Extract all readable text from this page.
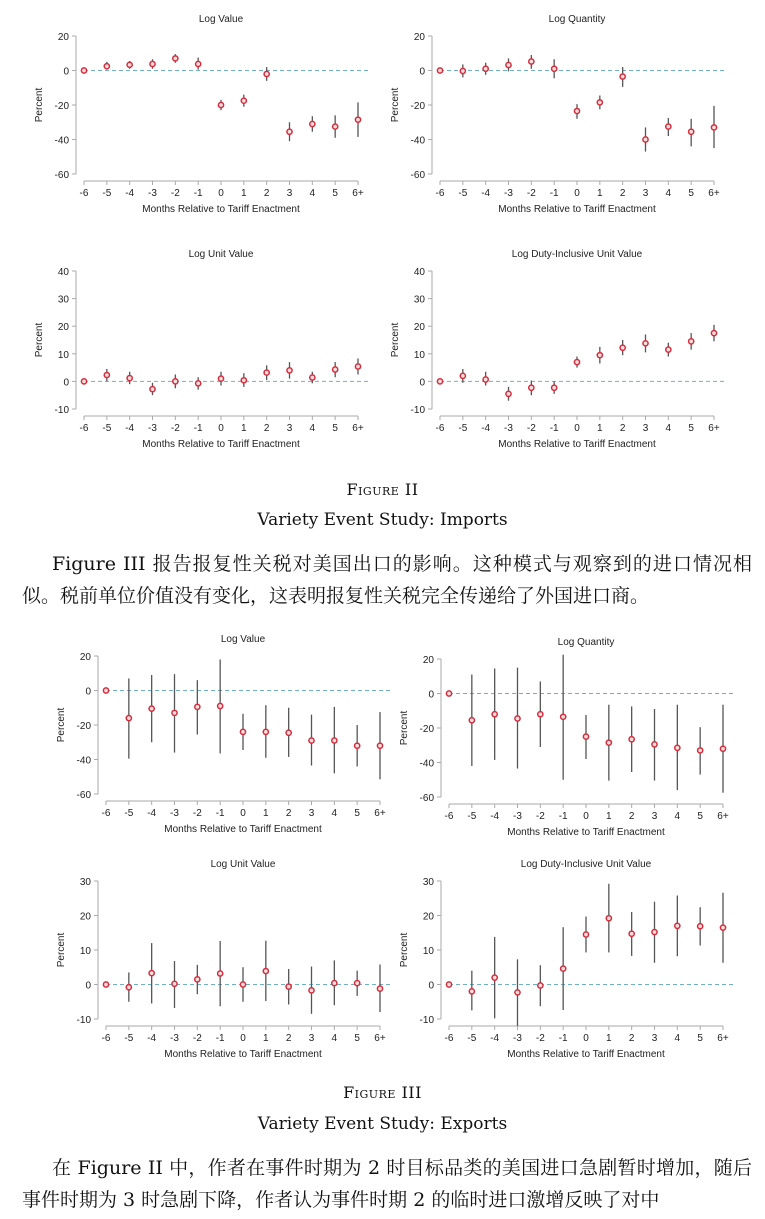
Log Value
Percent
20
0
-20
-40
-60
-6 -5 -4 -3 -2 -1 0 1 2 3 4 5 6+
Months Relative to Tariff Enactment
Log Quantity
Percent
20
0
-20
-40
-60
-6 -5 -4 -3 -2 -1 0 1 2 3 4 5 6+
Months Relative to Tariff Enactment
Log Unit Value
Percent
40
30
20
10
0
-10
-6 -5 -4 -3 -2 -1 0 1 2 3 4 5 6+
Months Relative to Tariff Enactment
Log Duty-Inclusive Unit Value
Percent
40
30
20
10
0
-10
-6 -5 -4 -3 -2 -1 0 1 2 3 4 5 6+
Months Relative to Tariff Enactment
Figure II
Variety Event Study: Imports
Figure III 报告报复性关税对美国出口的影响。这种模式与观察到的进口情况相似。税前单位价值没有变化，这表明报复性关税完全传递给了外国进口商。
Log Value
Percent
20
0
-20
-40
-60
-6 -5 -4 -3 -2 -1 0 1 2 3 4 5 6+
Months Relative to Tariff Enactment
Log Quantity
Percent
20
0
-20
-40
-60
-6 -5 -4 -3 -2 -1 0 1 2 3 4 5 6+
Months Relative to Tariff Enactment
Log Unit Value
Percent
30
20
10
0
-10
-6 -5 -4 -3 -2 -1 0 1 2 3 4 5 6+
Months Relative to Tariff Enactment
Log Duty-Inclusive Unit Value
Percent
30
20
10
0
-10
-6 -5 -4 -3 -2 -1 0 1 2 3 4 5 6+
Months Relative to Tariff Enactment
Figure III
Variety Event Study: Exports
在 Figure II 中，作者在事件时期为 2 时目标品类的美国进口急剧暂时增加，随后事件时期为 3 时急剧下降，作者认为事件时期 2 的临时进口激增反映了对中
